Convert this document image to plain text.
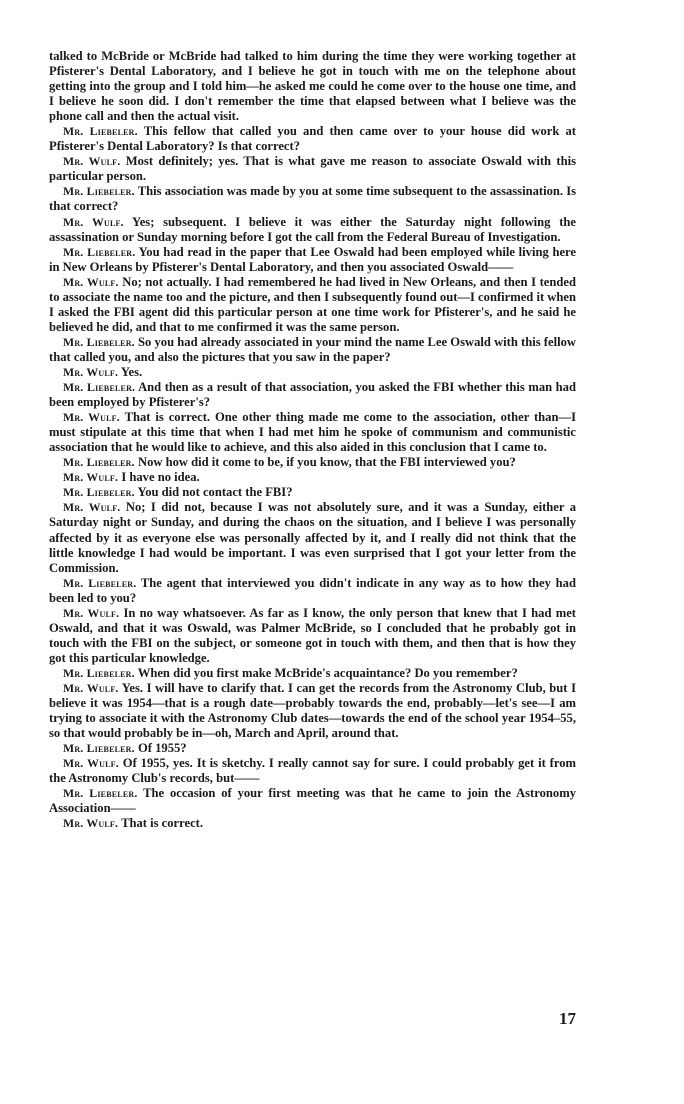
talked to McBride or McBride had talked to him during the time they were working together at Pfisterer's Dental Laboratory, and I believe he got in touch with me on the telephone about getting into the group and I told him—he asked me could he come over to the house one time, and I believe he soon did. I don't remember the time that elapsed between what I believe was the phone call and then the actual visit.

Mr. Liebeler. This fellow that called you and then came over to your house did work at Pfisterer's Dental Laboratory? Is that correct?

Mr. Wulf. Most definitely; yes. That is what gave me reason to associate Oswald with this particular person.

Mr. Liebeler. This association was made by you at some time subsequent to the assassination. Is that correct?

Mr. Wulf. Yes; subsequent. I believe it was either the Saturday night following the assassination or Sunday morning before I got the call from the Federal Bureau of Investigation.

Mr. Liebeler. You had read in the paper that Lee Oswald had been employed while living here in New Orleans by Pfisterer's Dental Laboratory, and then you associated Oswald——

Mr. Wulf. No; not actually. I had remembered he had lived in New Orleans, and then I tended to associate the name too and the picture, and then I subsequently found out—I confirmed it when I asked the FBI agent did this particular person at one time work for Pfisterer's, and he said he believed he did, and that to me confirmed it was the same person.

Mr. Liebeler. So you had already associated in your mind the name Lee Oswald with this fellow that called you, and also the pictures that you saw in the paper?

Mr. Wulf. Yes.

Mr. Liebeler. And then as a result of that association, you asked the FBI whether this man had been employed by Pfisterer's?

Mr. Wulf. That is correct. One other thing made me come to the association, other than—I must stipulate at this time that when I had met him he spoke of communism and communistic association that he would like to achieve, and this also aided in this conclusion that I came to.

Mr. Liebeler. Now how did it come to be, if you know, that the FBI interviewed you?

Mr. Wulf. I have no idea.

Mr. Liebeler. You did not contact the FBI?

Mr. Wulf. No; I did not, because I was not absolutely sure, and it was a Sunday, either a Saturday night or Sunday, and during the chaos on the situation, and I believe I was personally affected by it as everyone else was personally affected by it, and I really did not think that the little knowledge I had would be important. I was even surprised that I got your letter from the Commission.

Mr. Liebeler. The agent that interviewed you didn't indicate in any way as to how they had been led to you?

Mr. Wulf. In no way whatsoever. As far as I know, the only person that knew that I had met Oswald, and that it was Oswald, was Palmer McBride, so I concluded that he probably got in touch with the FBI on the subject, or someone got in touch with them, and then that is how they got this particular knowledge.

Mr. Liebeler. When did you first make McBride's acquaintance? Do you remember?

Mr. Wulf. Yes. I will have to clarify that. I can get the records from the Astronomy Club, but I believe it was 1954—that is a rough date—probably towards the end, probably—let's see—I am trying to associate it with the Astronomy Club dates—towards the end of the school year 1954–55, so that would probably be in—oh, March and April, around that.

Mr. Liebeler. Of 1955?

Mr. Wulf. Of 1955, yes. It is sketchy. I really cannot say for sure. I could probably get it from the Astronomy Club's records, but——

Mr. Liebeler. The occasion of your first meeting was that he came to join the Astronomy Association——

Mr. Wulf. That is correct.

17
